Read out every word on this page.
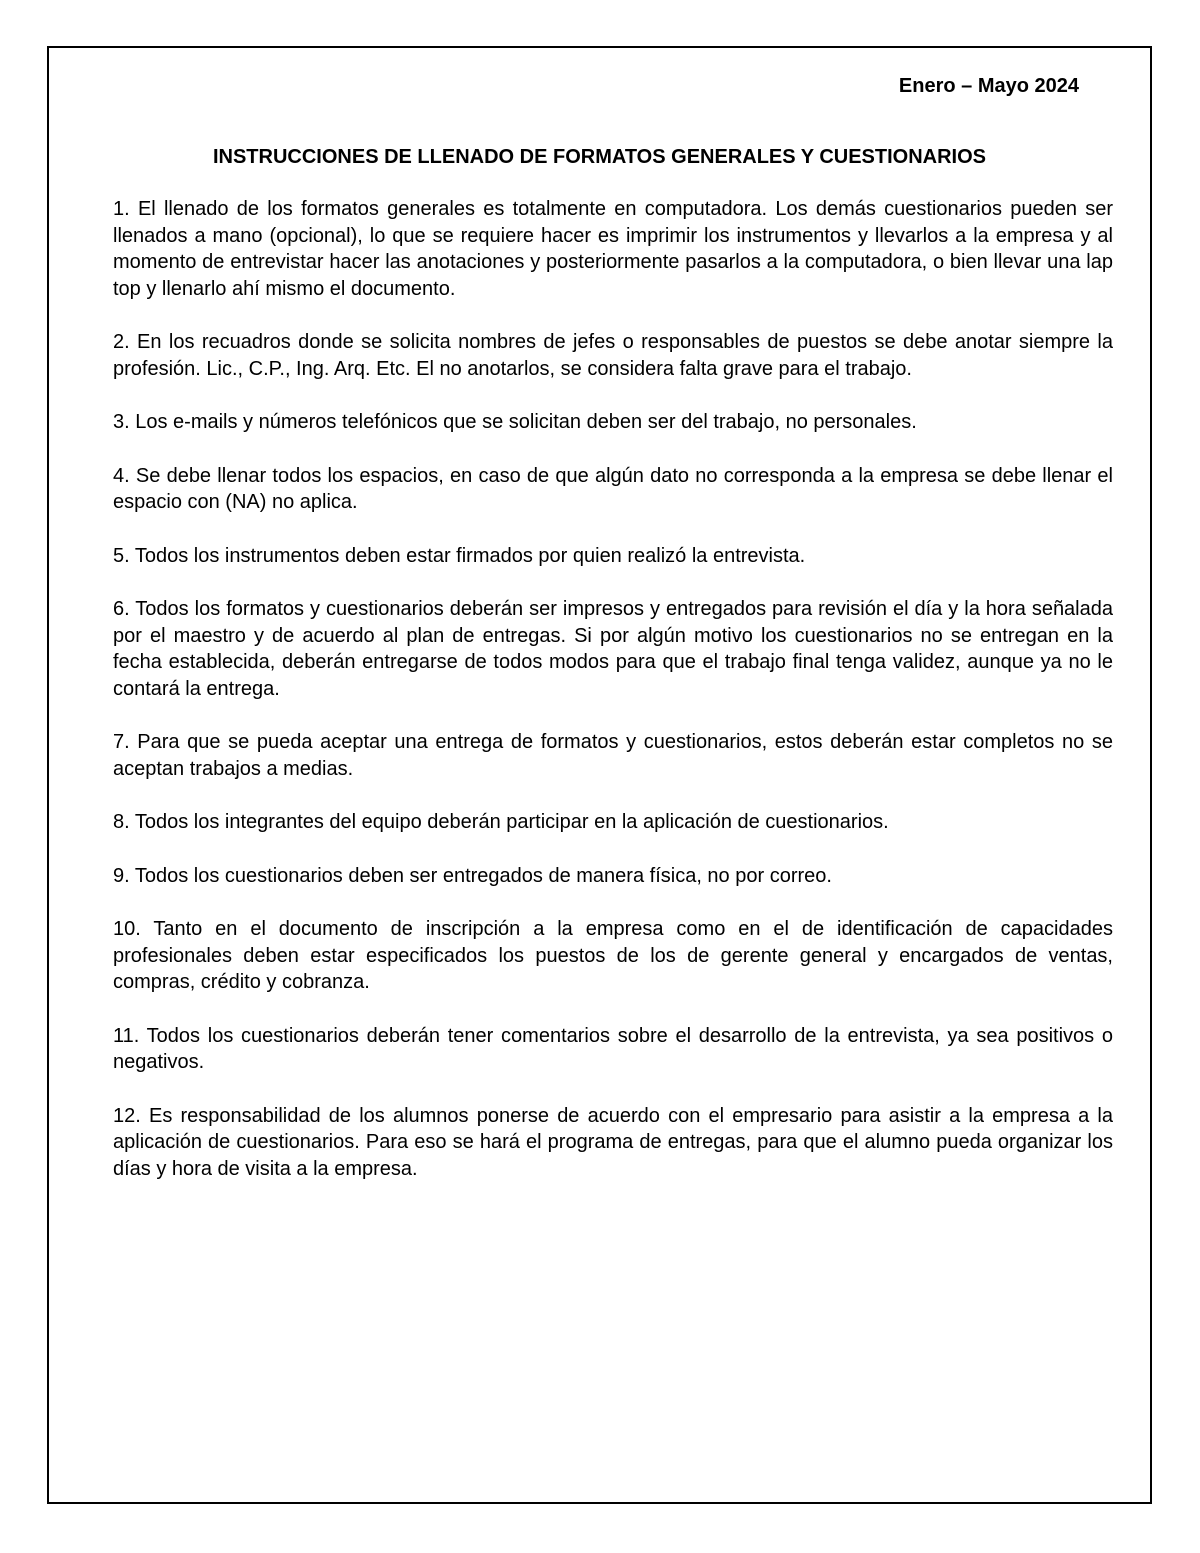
Enero – Mayo 2024
INSTRUCCIONES DE LLENADO DE FORMATOS GENERALES Y CUESTIONARIOS
1. El llenado de los formatos generales es totalmente en computadora. Los demás cuestionarios pueden ser llenados a mano (opcional), lo que se requiere hacer es imprimir los instrumentos y llevarlos a la empresa y al momento de entrevistar hacer las anotaciones y posteriormente pasarlos a la computadora, o bien llevar una lap top y llenarlo ahí mismo el documento.
2. En los recuadros donde se solicita nombres de jefes o responsables de puestos se debe anotar siempre la profesión. Lic., C.P., Ing. Arq. Etc. El no anotarlos, se considera falta grave para el trabajo.
3. Los e-mails y números telefónicos que se solicitan deben ser del trabajo, no personales.
4. Se debe llenar todos los espacios, en caso de que algún dato no corresponda a la empresa se debe llenar el espacio con (NA) no aplica.
5. Todos los instrumentos deben estar firmados por quien realizó la entrevista.
6. Todos los formatos y cuestionarios deberán ser impresos y entregados para revisión el día y la hora señalada por el maestro y de acuerdo al plan de entregas. Si por algún motivo los cuestionarios no se entregan en la fecha establecida, deberán entregarse de todos modos para que el trabajo final tenga validez, aunque ya no le contará la entrega.
7. Para que se pueda aceptar una entrega de formatos y cuestionarios, estos deberán estar completos no se aceptan trabajos a medias.
8. Todos los integrantes del equipo deberán participar en la aplicación de cuestionarios.
9. Todos los cuestionarios deben ser entregados de manera física, no por correo.
10. Tanto en el documento de inscripción a la empresa como en el de identificación de capacidades profesionales deben estar especificados los puestos de los de gerente general y encargados de ventas, compras, crédito y cobranza.
11. Todos los cuestionarios deberán tener comentarios sobre el desarrollo de la entrevista, ya sea positivos o negativos.
12. Es responsabilidad de los alumnos ponerse de acuerdo con el empresario para asistir a la empresa a la aplicación de cuestionarios. Para eso se hará el programa de entregas, para que el alumno pueda organizar los días y hora de visita a la empresa.
